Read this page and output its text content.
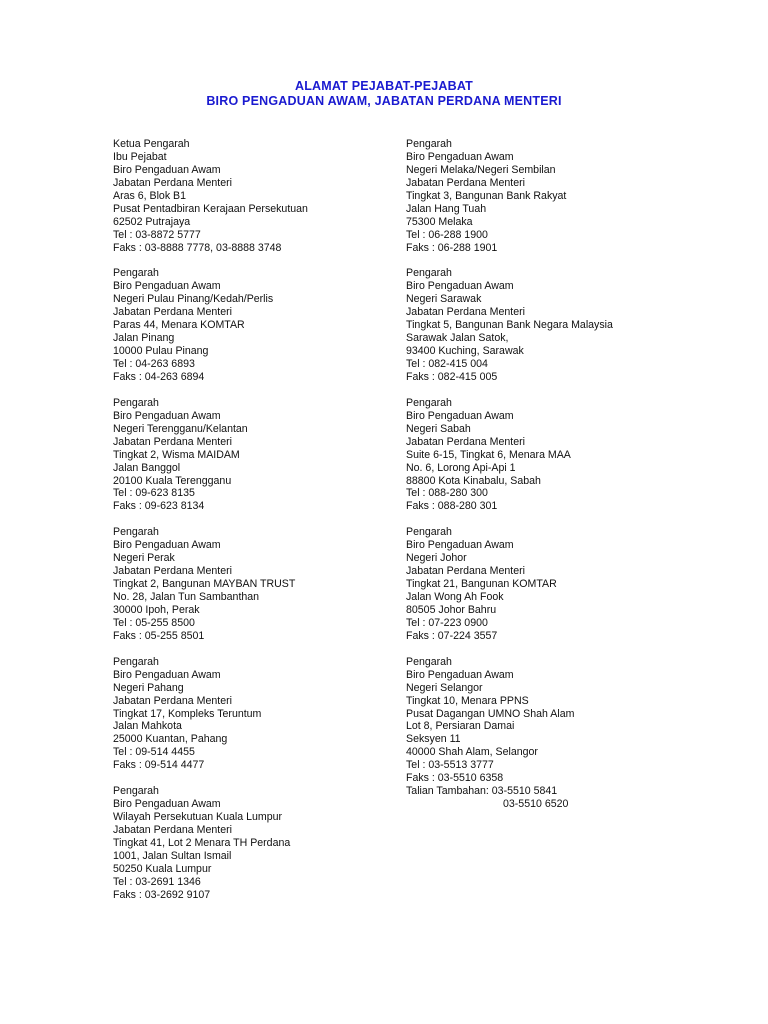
ALAMAT PEJABAT-PEJABAT
BIRO PENGADUAN AWAM, JABATAN PERDANA MENTERI
Ketua Pengarah
Ibu Pejabat
Biro Pengaduan Awam
Jabatan Perdana Menteri
Aras 6, Blok B1
Pusat Pentadbiran Kerajaan Persekutuan
62502 Putrajaya
Tel : 03-8872 5777
Faks : 03-8888 7778, 03-8888 3748
Pengarah
Biro Pengaduan Awam
Negeri Pulau Pinang/Kedah/Perlis
Jabatan Perdana Menteri
Paras 44, Menara KOMTAR
Jalan Pinang
10000 Pulau Pinang
Tel : 04-263 6893
Faks : 04-263 6894
Pengarah
Biro Pengaduan Awam
Negeri Terengganu/Kelantan
Jabatan Perdana Menteri
Tingkat 2, Wisma MAIDAM
Jalan Banggol
20100 Kuala Terengganu
Tel : 09-623 8135
Faks : 09-623 8134
Pengarah
Biro Pengaduan Awam
Negeri Perak
Jabatan Perdana Menteri
Tingkat 2, Bangunan MAYBAN TRUST
No. 28, Jalan Tun Sambanthan
30000 Ipoh, Perak
Tel : 05-255 8500
Faks : 05-255 8501
Pengarah
Biro Pengaduan Awam
Negeri Pahang
Jabatan Perdana Menteri
Tingkat 17, Kompleks Teruntum
Jalan Mahkota
25000 Kuantan, Pahang
Tel : 09-514 4455
Faks : 09-514 4477
Pengarah
Biro Pengaduan Awam
Wilayah Persekutuan Kuala Lumpur
Jabatan Perdana Menteri
Tingkat 41, Lot 2 Menara TH Perdana
1001, Jalan Sultan Ismail
50250 Kuala Lumpur
Tel : 03-2691 1346
Faks : 03-2692 9107
Pengarah
Biro Pengaduan Awam
Negeri Melaka/Negeri Sembilan
Jabatan Perdana Menteri
Tingkat 3, Bangunan Bank Rakyat
Jalan Hang Tuah
75300 Melaka
Tel : 06-288 1900
Faks : 06-288 1901
Pengarah
Biro Pengaduan Awam
Negeri Sarawak
Jabatan Perdana Menteri
Tingkat 5, Bangunan Bank Negara Malaysia
Sarawak Jalan Satok,
93400 Kuching, Sarawak
Tel : 082-415 004
Faks : 082-415 005
Pengarah
Biro Pengaduan Awam
Negeri Sabah
Jabatan Perdana Menteri
Suite 6-15, Tingkat 6, Menara MAA
No. 6, Lorong Api-Api 1
88800 Kota Kinabalu, Sabah
Tel : 088-280 300
Faks : 088-280 301
Pengarah
Biro Pengaduan Awam
Negeri Johor
Jabatan Perdana Menteri
Tingkat 21, Bangunan KOMTAR
Jalan Wong Ah Fook
80505 Johor Bahru
Tel : 07-223 0900
Faks : 07-224 3557
Pengarah
Biro Pengaduan Awam
Negeri Selangor
Tingkat 10, Menara PPNS
Pusat Dagangan UMNO Shah Alam
Lot 8, Persiaran Damai
Seksyen 11
40000 Shah Alam, Selangor
Tel : 03-5513 3777
Faks : 03-5510 6358
Talian Tambahan: 03-5510 5841
03-5510 6520
